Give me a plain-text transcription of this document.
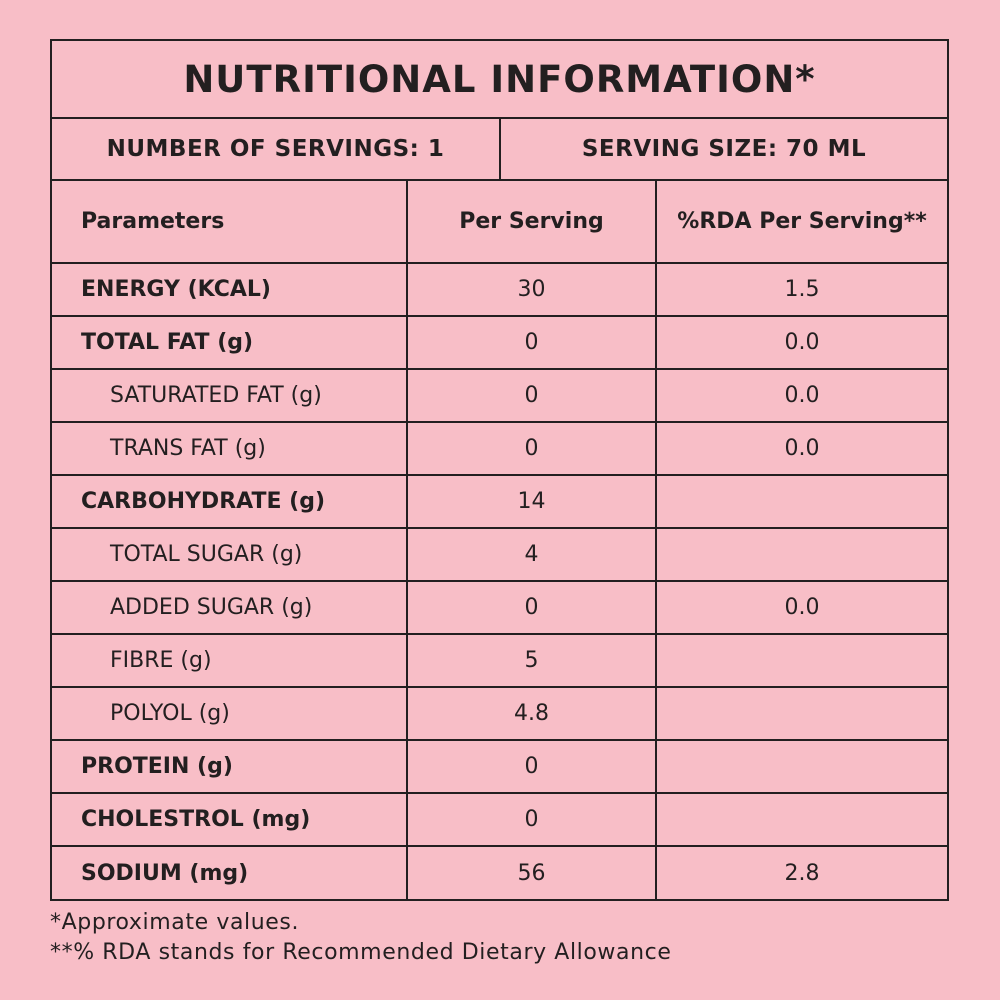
NUTRITIONAL INFORMATION*
NUMBER OF SERVINGS: 1	SERVING SIZE: 70 ML
Parameters	Per Serving	%RDA Per Serving**
ENERGY (KCAL)	30	1.5
TOTAL FAT (g)	0	0.0
SATURATED FAT (g)	0	0.0
TRANS FAT (g)	0	0.0
CARBOHYDRATE (g)	14	
TOTAL SUGAR (g)	4	
ADDED SUGAR (g)	0	0.0
FIBRE (g)	5	
POLYOL (g)	4.8	
PROTEIN (g)	0	
CHOLESTROL (mg)	0	
SODIUM (mg)	56	2.8
*Approximate values.
**% RDA stands for Recommended Dietary Allowance
